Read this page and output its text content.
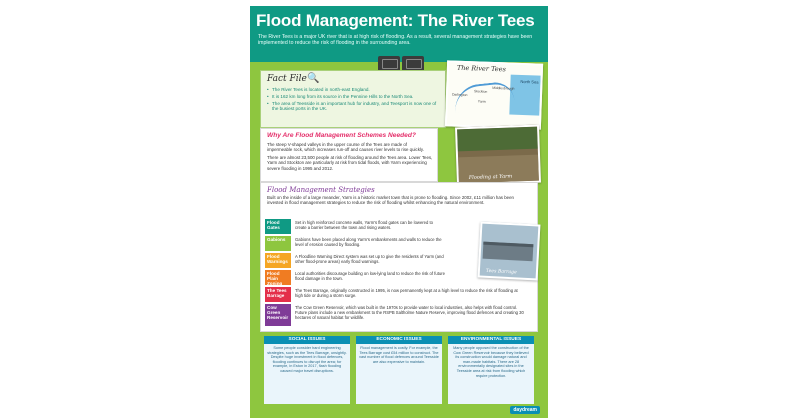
Flood Management: The River Tees
The River Tees is a major UK river that is at high risk of flooding. As a result, several management strategies have been implemented to reduce the risk of flooding in the surrounding area.
Fact File 🔍
• The River Tees is located in north-east England.
• It is 162 km long from its source in the Pennine Hills to the North Sea.
• The area of Teesside is an important hub for industry, and Teesport is now one of the busiest ports in the UK.
The River Tees
North Sea
Yarm
Stockton
Middlesbrough
Darlington
Why Are Flood Management Schemes Needed?

The steep V-shaped valleys in the upper course of the Tees are made of impermeable rock, which increases run-off and causes river levels to rise quickly.

There are almost 23,500 people at risk of flooding around the Tees area. Lower Tees, Yarm and Stockton are particularly at risk from tidal floods, with Yarm experiencing severe flooding in 1995 and 2012.

Flooding at Yarm
Flood Management Strategies
Built on the inside of a large meander, Yarm is a historic market town that is prone to flooding. Since 2002, £11 million has been invested in flood management strategies to reduce the risk of flooding whilst enhancing the natural environment.
Flood Gates
Set in high reinforced concrete walls, Yarm's flood gates can be lowered to create a barrier between the town and rising waters.
Gabions	Gabions have been placed along Yarm's embankments and walls to reduce the level of erosion caused by flooding.
Flood Warnings
A Floodline Warning Direct system was set up to give the residents of Yarm (and other flood-prone areas) early flood warnings.
Flood Plain Zoning
Local authorities discourage building on low-lying land to reduce the risk of future flood damage in the town.
The Tees Barrage
The Tees Barrage, originally constructed in 1995, is now permanently kept at a high level to reduce the risk of flooding at high tide or during a storm surge.
Cow Green Reservoir
The Cow Green Reservoir, which was built in the 1970s to provide water to local industries, also helps with flood control. Future plans include a new embankment to the RSPB Saltholme Nature Reserve, improving flood defences and creating 30 hectares of natural habitat for wildlife.
Tees Barrage
SOCIAL ISSUES
Some people consider hard engineering strategies, such as the Tees Barrage, unsightly. Despite huge investment in flood defences, flooding continues to disrupt the area; for example, in Eston in 2017, flash flooding caused major travel disruptions.
ECONOMIC ISSUES
Flood management is costly. For example, the Tees Barrage cost £54 million to construct. The vast number of flood defences around Teesside are also expensive to maintain.
ENVIRONMENTAL ISSUES
Many people opposed the construction of the Cow Green Reservoir because they believed its construction would damage natural and man-made habitats. There are 28 environmentally designated sites in the Teesside area at risk from flooding which require protection.
daydream
